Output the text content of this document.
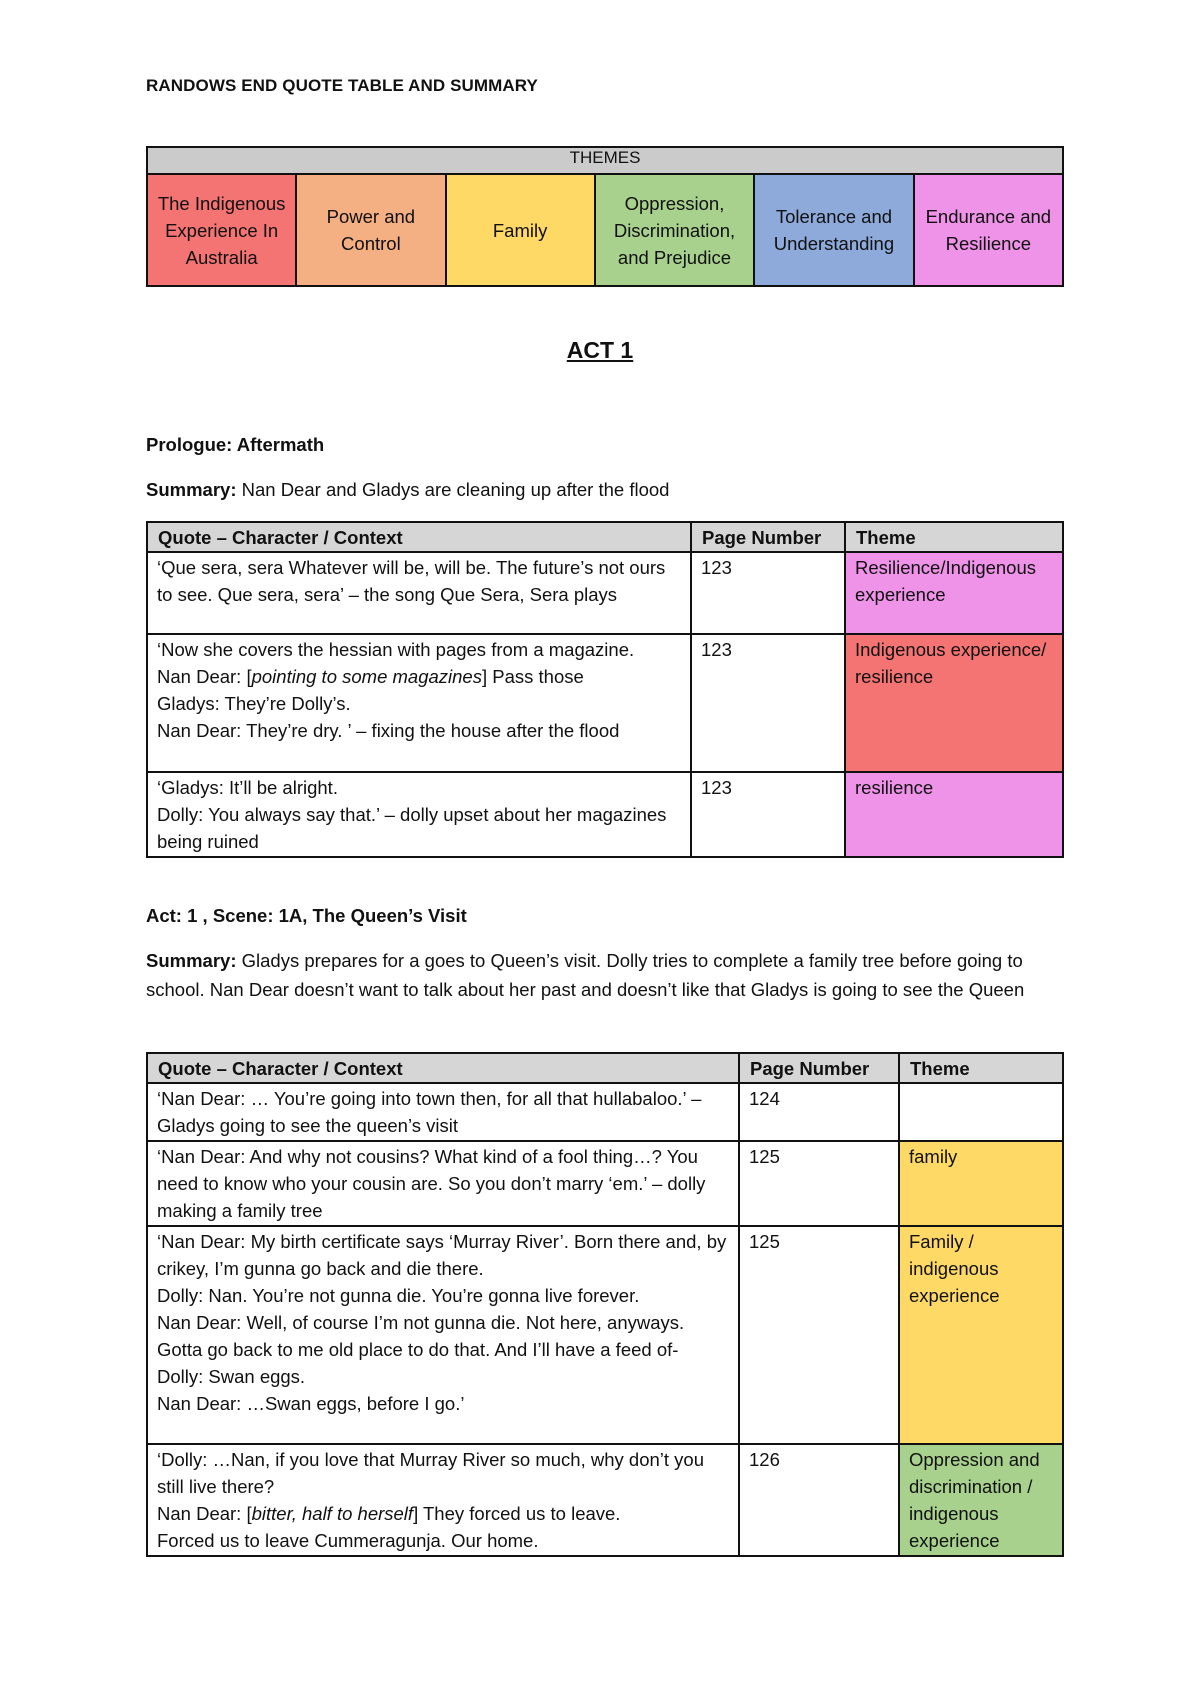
RANDOWS END QUOTE TABLE AND SUMMARY
THEMES
The Indigenous Experience In Australia	Power and Control	Family	Oppression, Discrimination, and Prejudice	Tolerance and Understanding	Endurance and Resilience
ACT 1
Prologue: Aftermath
Summary: Nan Dear and Gladys are cleaning up after the flood
Quote – Character / Context	Page Number	Theme
‘Que sera, sera Whatever will be, will be. The future’s not ours to see. Que sera, sera’ – the song Que Sera, Sera plays	123	Resilience/Indigenous experience

‘Now she covers the hessian with pages from a magazine.
Nan Dear: [pointing to some magazines] Pass those
Gladys: They’re Dolly’s.
Nan Dear: They’re dry. ’ – fixing the house after the flood	123	Indigenous experience/ resilience

‘Gladys: It’ll be alright.
Dolly: You always say that.’ – dolly upset about her magazines being ruined	123	resilience
Act: 1 , Scene: 1A, The Queen’s Visit
Summary: Gladys prepares for a goes to Queen’s visit. Dolly tries to complete a family tree before going to school. Nan Dear doesn’t want to talk about her past and doesn’t like that Gladys is going to see the Queen
Quote – Character / Context	Page Number	Theme
‘Nan Dear: … You’re going into town then, for all that hullabaloo.’ – Gladys going to see the queen’s visit	124	
‘Nan Dear: And why not cousins? What kind of a fool thing…? You need to know who your cousin are. So you don’t marry ‘em.’ – dolly making a family tree	125	family

‘Nan Dear: My birth certificate says ‘Murray River’. Born there and, by crikey, I’m gunna go back and die there.
Dolly: Nan. You’re not gunna die. You’re gonna live forever.
Nan Dear: Well, of course I’m not gunna die. Not here, anyways. Gotta go back to me old place to do that. And I’ll have a feed of-
Dolly: Swan eggs.
Nan Dear: …Swan eggs, before I go.’	125	Family / indigenous experience

‘Dolly: …Nan, if you love that Murray River so much, why don’t you still live there?
Nan Dear: [bitter, half to herself] They forced us to leave.
Forced us to leave Cummeragunja. Our home.	126	Oppression and discrimination / indigenous experience
